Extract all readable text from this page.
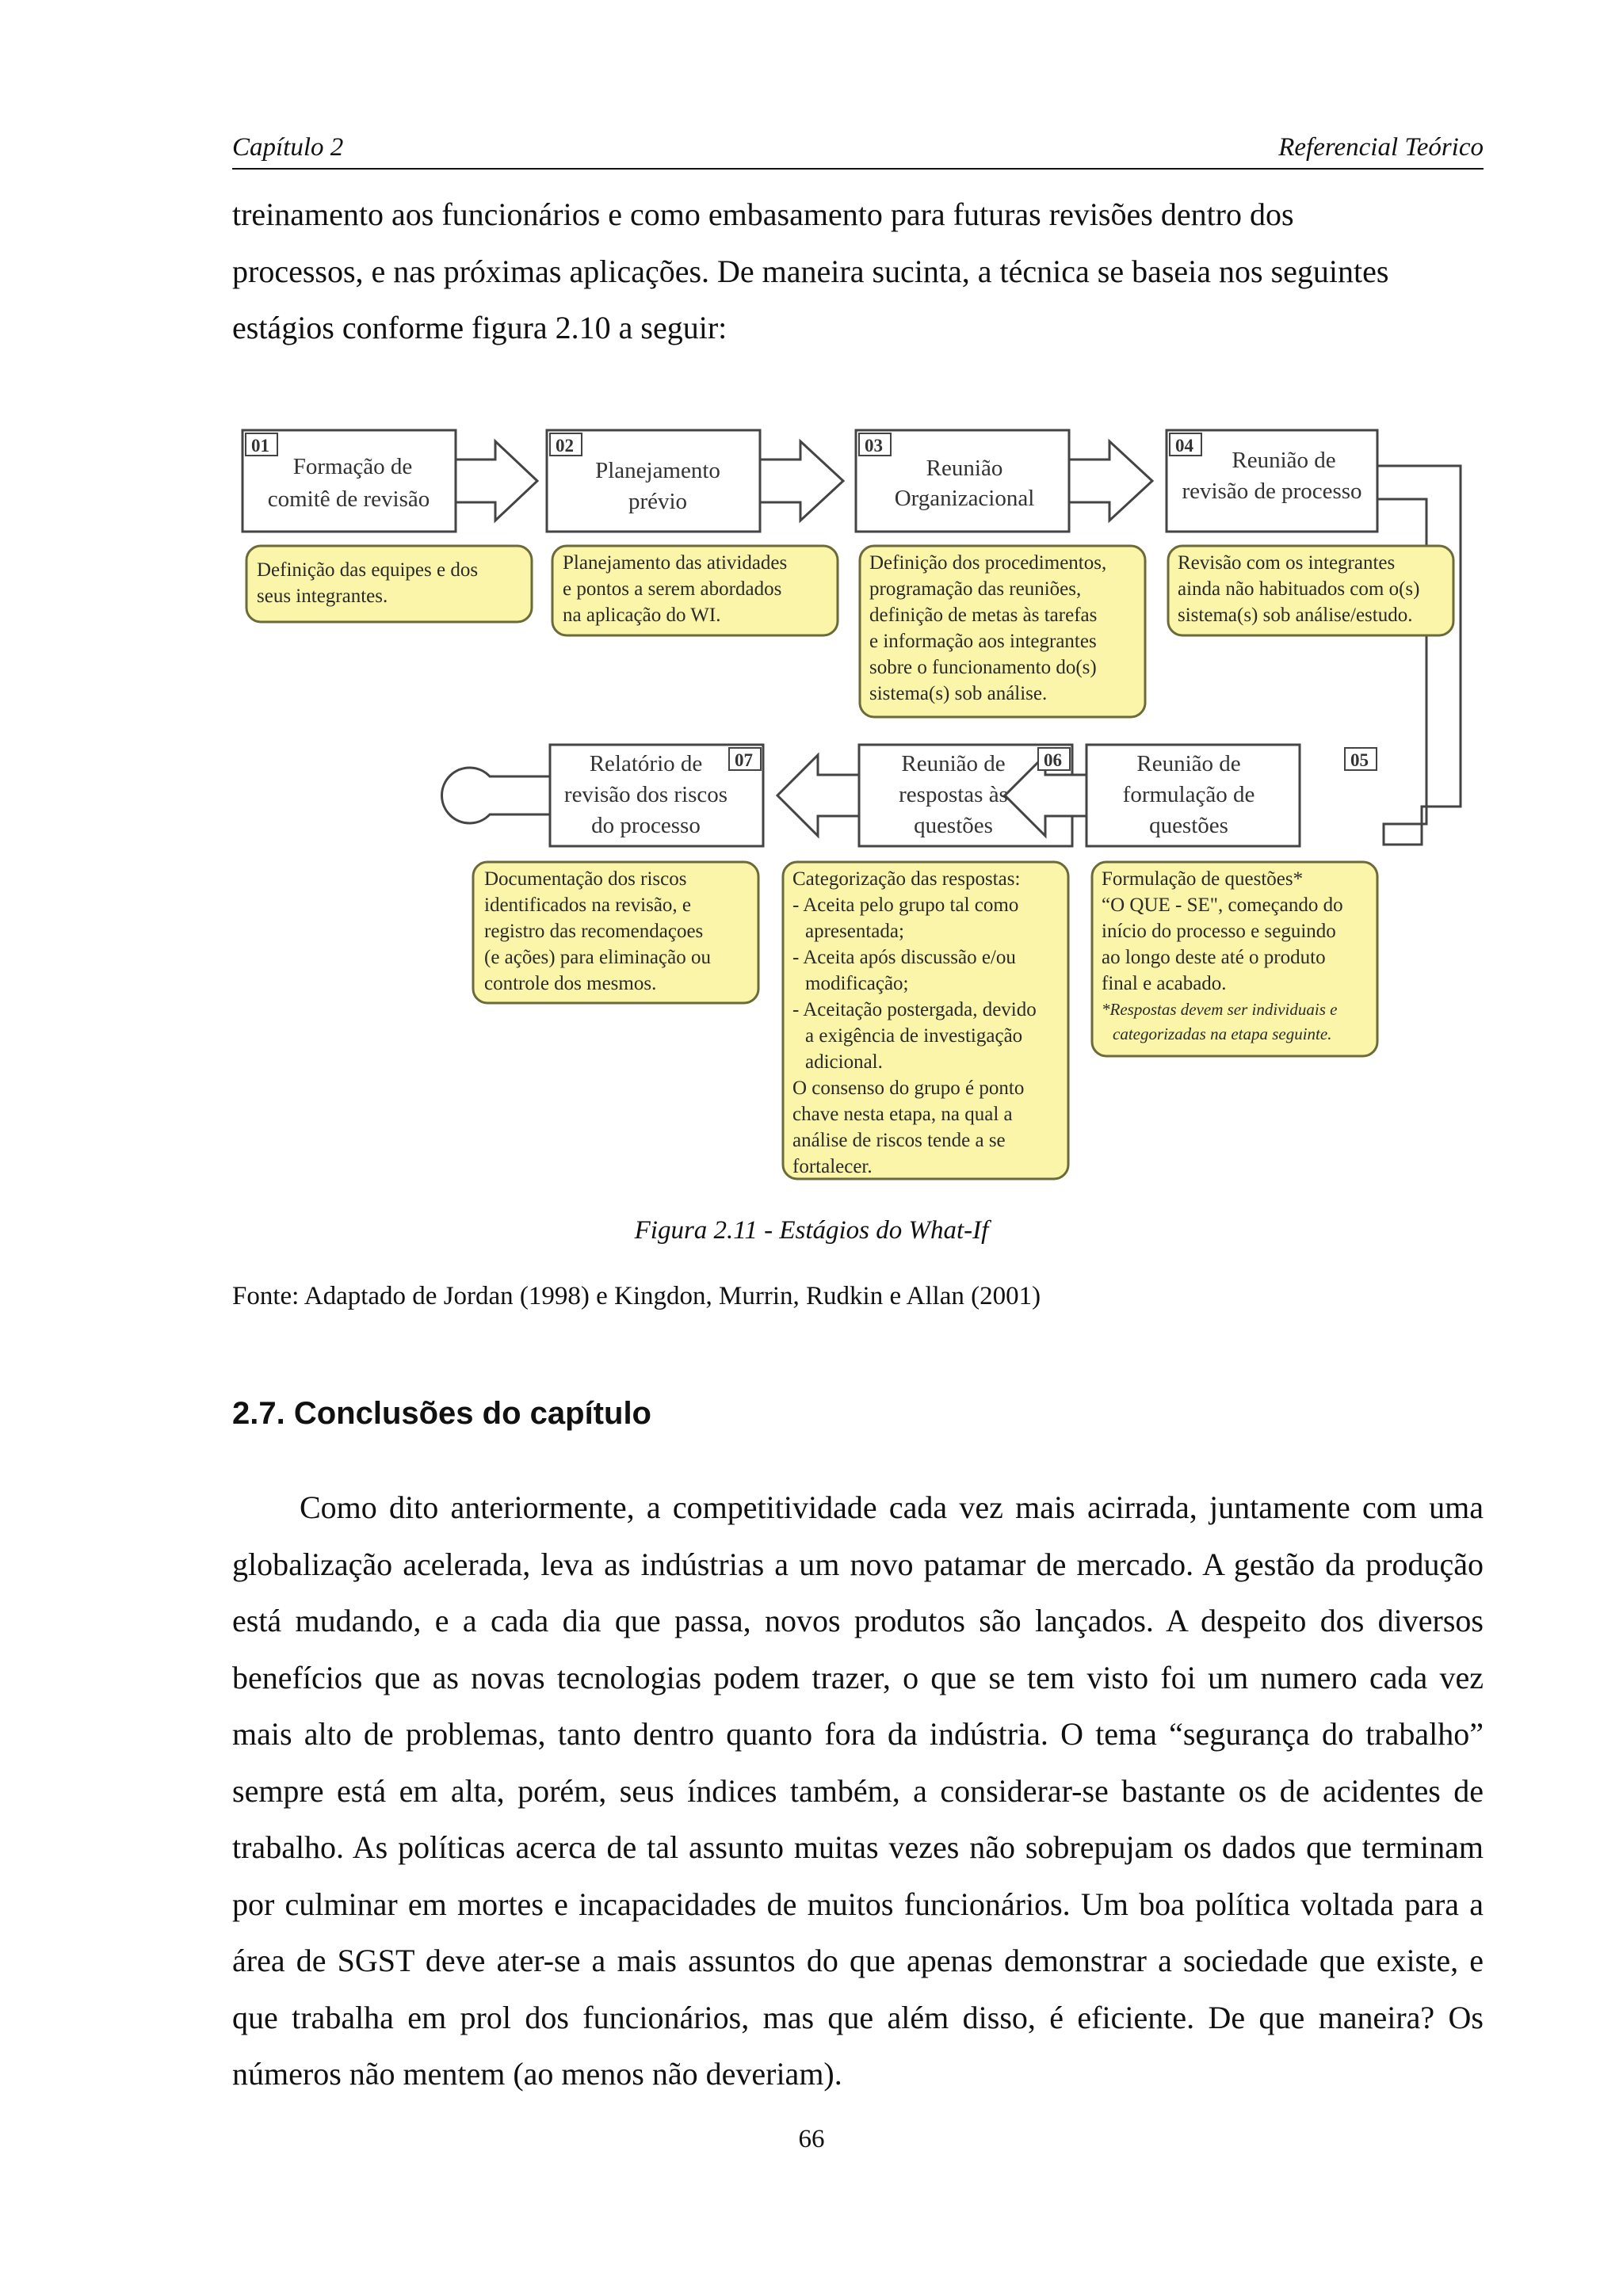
Capítulo 2	Referencial Teórico

treinamento aos funcionários e como embasamento para futuras revisões dentro dos

processos, e nas próximas aplicações. De maneira sucinta, a técnica se baseia nos seguintes

estágios conforme figura 2.10 a seguir:

01	02	03	04
05
06
07
Formação de
comitê de revisão
Planejamento
prévio
Reunião
Organizacional
Reunião de
revisão de processo
Reunião de
formulação de
questões
Reunião de
respostas às
questões
Relatório de
revisão dos riscos
do processo
Definição das equipes e dos
seus integrantes.
Planejamento das atividades
e pontos a serem abordados
na aplicação do WI.
Definição dos procedimentos,
programação das reuniões,
definição de metas às tarefas
e informação aos integrantes
sobre o funcionamento do(s)
sistema(s) sob análise.
Revisão com os integrantes
ainda não habituados com o(s)
sistema(s) sob análise/estudo.
Formulação de questões*
“O QUE - SE", começando do
início do processo e seguindo
ao longo deste até o produto
final e acabado.
*Respostas devem ser individuais e
categorizadas na etapa seguinte.
Categorização das respostas:
- Aceita pelo grupo tal como
apresentada;
- Aceita após discussão e/ou
modificação;
- Aceitação postergada, devido
a exigência de investigação
adicional.
O consenso do grupo é ponto
chave nesta etapa, na qual a
análise de riscos tende a se
fortalecer.
Documentação dos riscos
identificados na revisão, e
registro das recomendaçoes
(e ações) para eliminação ou
controle dos mesmos.
Figura 2.11 - Estágios do What-If
Fonte: Adaptado de Jordan (1998) e Kingdon, Murrin, Rudkin e Allan (2001)
2.7. Conclusões do capítulo

Como dito anteriormente, a competitividade cada vez mais acirrada, juntamente com uma globalização acelerada, leva as indústrias a um novo patamar de mercado. A gestão da produção está mudando, e a cada dia que passa, novos produtos são lançados. A despeito dos diversos benefícios que as novas tecnologias podem trazer, o que se tem visto foi um numero cada vez mais alto de problemas, tanto dentro quanto fora da indústria. O tema “segurança do trabalho” sempre está em alta, porém, seus índices também, a considerar-se bastante os de acidentes de trabalho. As políticas acerca de tal assunto muitas vezes não sobrepujam os dados que terminam por culminar em mortes e incapacidades de muitos funcionários. Um boa política voltada para a área de SGST deve ater-se a mais assuntos do que apenas demonstrar a sociedade que existe, e que trabalha em prol dos funcionários, mas que além disso, é eficiente. De que maneira? Os números não mentem (ao menos não deveriam).

66
